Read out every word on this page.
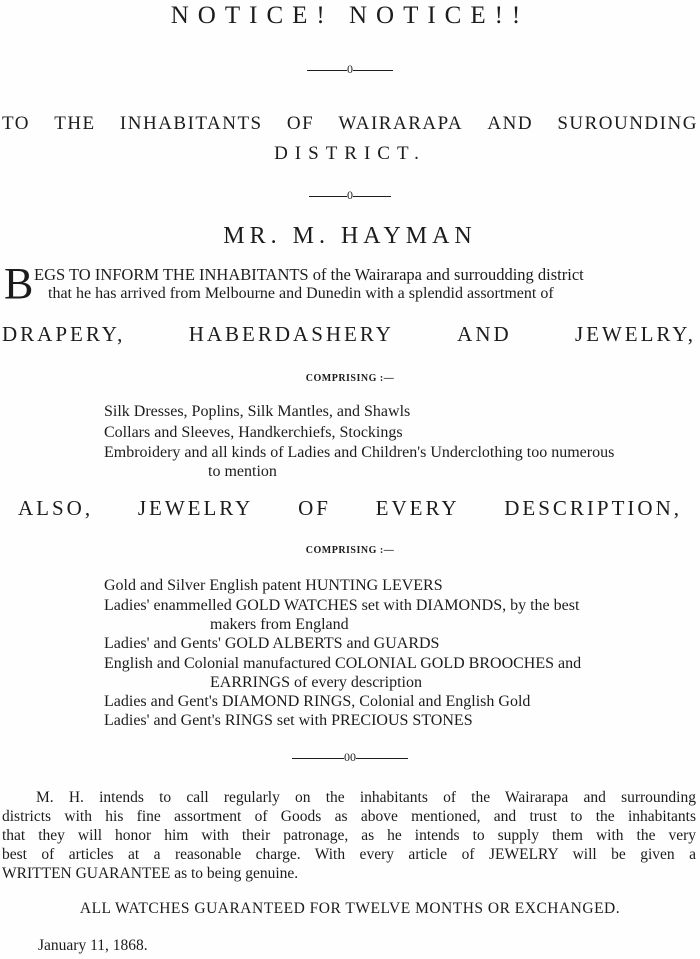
NOTICE! NOTICE!!
0
TO THE INHABITANTS OF WAIRARAPA AND SUROUNDING
DISTRICT.
0
MR. M. HAYMAN
B EGS TO INFORM THE INHABITANTS of the Wairarapa and surroudding district
that he has arrived from Melbourne and Dunedin with a splendid assortment of
DRAPERY,	HABERDASHERY	AND	JEWELRY,
COMPRISING :—
Silk Dresses, Poplins, Silk Mantles, and Shawls
Collars and Sleeves, Handkerchiefs, Stockings
Embroidery and all kinds of Ladies and Children's Underclothing too numerous
to mention
ALSO, JEWELRY OF EVERY DESCRIPTION,
COMPRISING :—
Gold and Silver English patent HUNTING LEVERS
Ladies' enammelled GOLD WATCHES set with DIAMONDS, by the best
makers from England
Ladies' and Gents' GOLD ALBERTS and GUARDS
English and Colonial manufactured COLONIAL GOLD BROOCHES and
EARRINGS of every description
Ladies and Gent's DIAMOND RINGS, Colonial and English Gold
Ladies' and Gent's RINGS set with PRECIOUS STONES
00
M. H. intends to call regularly on the inhabitants of the Wairarapa and surrounding
districts with his fine assortment of Goods as above mentioned, and trust to the inhabitants
that they will honor him with their patronage, as he intends to supply them with the very
best of articles at a reasonable charge. With every article of JEWELRY will be given a
WRITTEN GUARANTEE as to being genuine.
ALL WATCHES GUARANTEED FOR TWELVE MONTHS OR EXCHANGED.
January 11, 1868.
